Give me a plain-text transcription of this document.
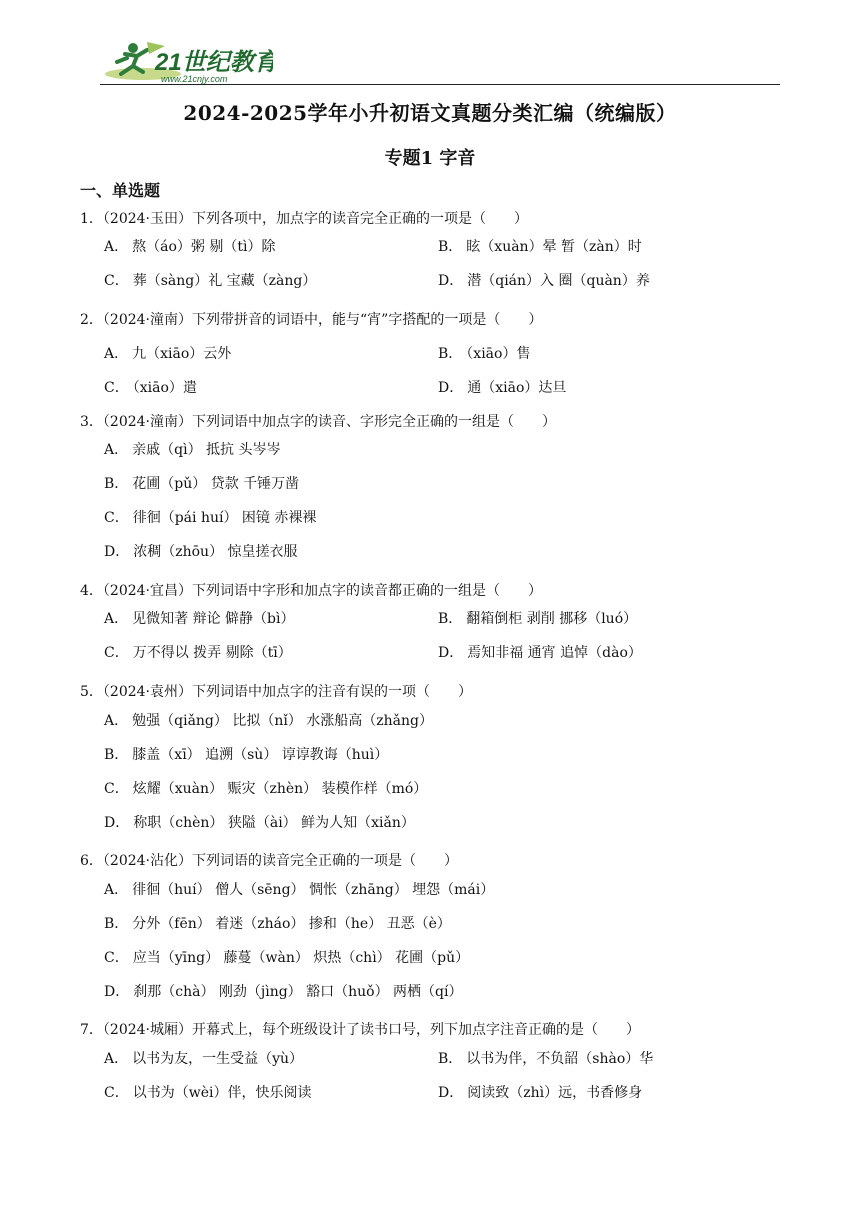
21世纪教育
www.21cnjy.com
2024-2025学年小升初语文真题分类汇编（统编版）
专题1 字音
一、单选题
1．（2024·玉田）下列各项中，加点字的读音完全正确的一项是（　　）
A． 熬（áo）粥 剔（tì）除	B． 眩（xuàn）晕 暂（zàn）时
C． 葬（sàng）礼 宝藏（zàng）	D． 潜（qián）入 圈（quàn）养
2．（2024·潼南）下列带拼音的词语中，能与“宵”字搭配的一项是（　　）
A． 九（xiāo）云外	B． （xiāo）售
C． （xiāo）遣	D． 通（xiāo）达旦
3．（2024·潼南）下列词语中加点字的读音、字形完全正确的一组是（　　）
A． 亲戚（qì） 抵抗 头岑岑
B． 花圃（pǔ） 贷款 千锤万凿
C． 徘徊（pái huí） 困镜 赤裸裸
D． 浓稠（zhōu） 惊皇搓衣服
4．（2024·宜昌）下列词语中字形和加点字的读音都正确的一组是（　　）
A． 见微知著 辩论 僻静（bì）	B． 翻箱倒柜 剥削 挪移（luó）
C． 万不得以 拨弄 剔除（tī）	D． 焉知非福 通宵 追悼（dào）
5．（2024·袁州）下列词语中加点字的注音有误的一项（　　）
A． 勉强（qiǎng） 比拟（nǐ） 水涨船高（zhǎng）
B． 膝盖（xī） 追溯（sù） 谆谆教诲（huì）
C． 炫耀（xuàn） 赈灾（zhèn） 装模作样（mó）
D． 称职（chèn） 狭隘（ài） 鲜为人知（xiǎn）
6．（2024·沾化）下列词语的读音完全正确的一项是（　　）
A． 徘徊（huí） 僧人（sēng） 惆怅（zhāng） 埋怨（mái）
B． 分外（fēn） 着迷（zháo） 掺和（he） 丑恶（è）
C． 应当（yīng） 藤蔓（wàn） 炽热（chì） 花圃（pǔ）
D． 刹那（chà） 刚劲（jìng） 豁口（huǒ） 两栖（qí）
7．（2024·城厢）开幕式上，每个班级设计了读书口号，列下加点字注音正确的是（　　）
A． 以书为友，一生受益（yù）	B． 以书为伴，不负韶（shào）华
C． 以书为（wèi）伴，快乐阅读	D． 阅读致（zhì）远，书香修身
